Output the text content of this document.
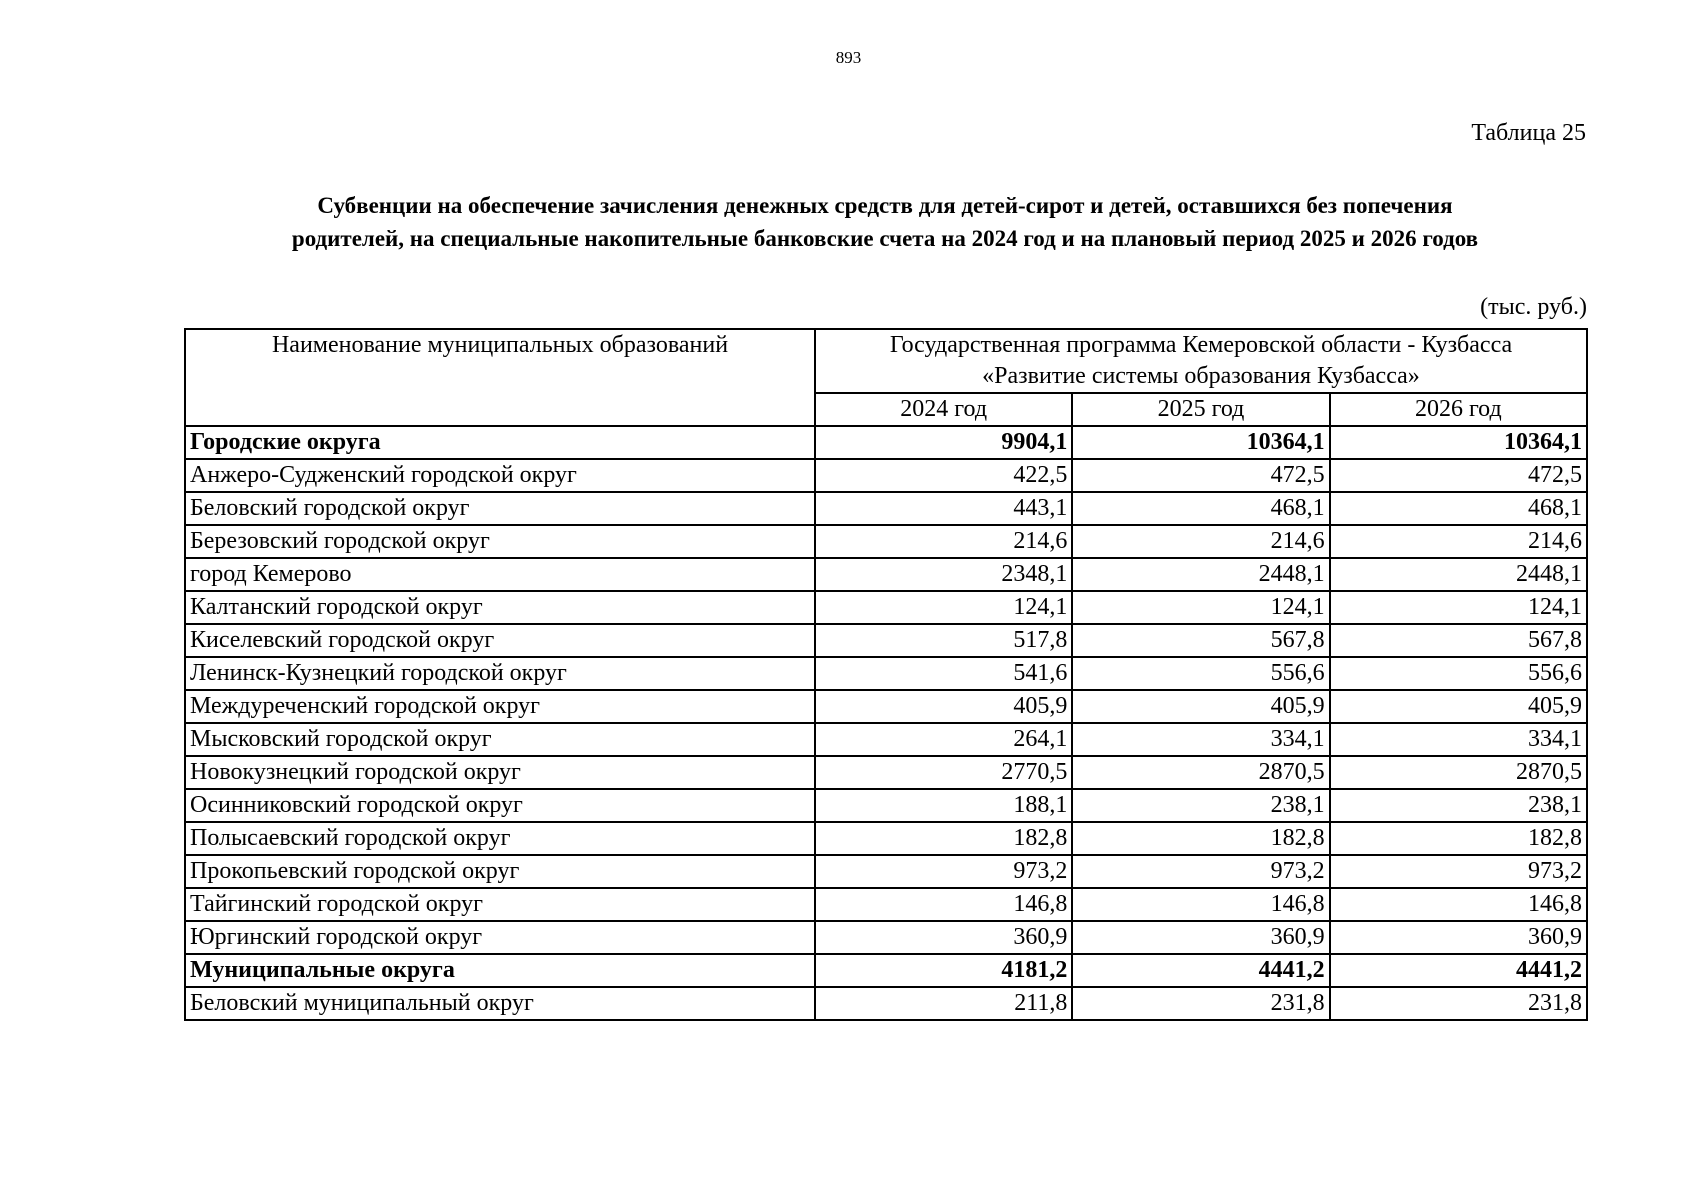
893
Таблица 25
Субвенции на обеспечение зачисления денежных средств для детей-сирот и детей, оставшихся без попечения
родителей, на специальные накопительные банковские счета на 2024 год и на плановый период 2025 и 2026 годов
(тыс. руб.)
Наименование муниципальных образований	Государственная программа Кемеровской области - Кузбасса
«Развитие системы образования Кузбасса»		
	2024 год	2025 год	2026 год
Городские округа	9904,1	10364,1	10364,1
Анжеро-Судженский городской округ	422,5	472,5	472,5
Беловский городской округ	443,1	468,1	468,1
Березовский городской округ	214,6	214,6	214,6
город Кемерово	2348,1	2448,1	2448,1
Калтанский городской округ	124,1	124,1	124,1
Киселевский городской округ	517,8	567,8	567,8
Ленинск-Кузнецкий городской округ	541,6	556,6	556,6
Междуреченский городской округ	405,9	405,9	405,9
Мысковский городской округ	264,1	334,1	334,1
Новокузнецкий городской округ	2770,5	2870,5	2870,5
Осинниковский городской округ	188,1	238,1	238,1
Полысаевский городской округ	182,8	182,8	182,8
Прокопьевский городской округ	973,2	973,2	973,2
Тайгинский городской округ	146,8	146,8	146,8
Юргинский городской округ	360,9	360,9	360,9
Муниципальные округа	4181,2	4441,2	4441,2
Беловский муниципальный округ	211,8	231,8	231,8
